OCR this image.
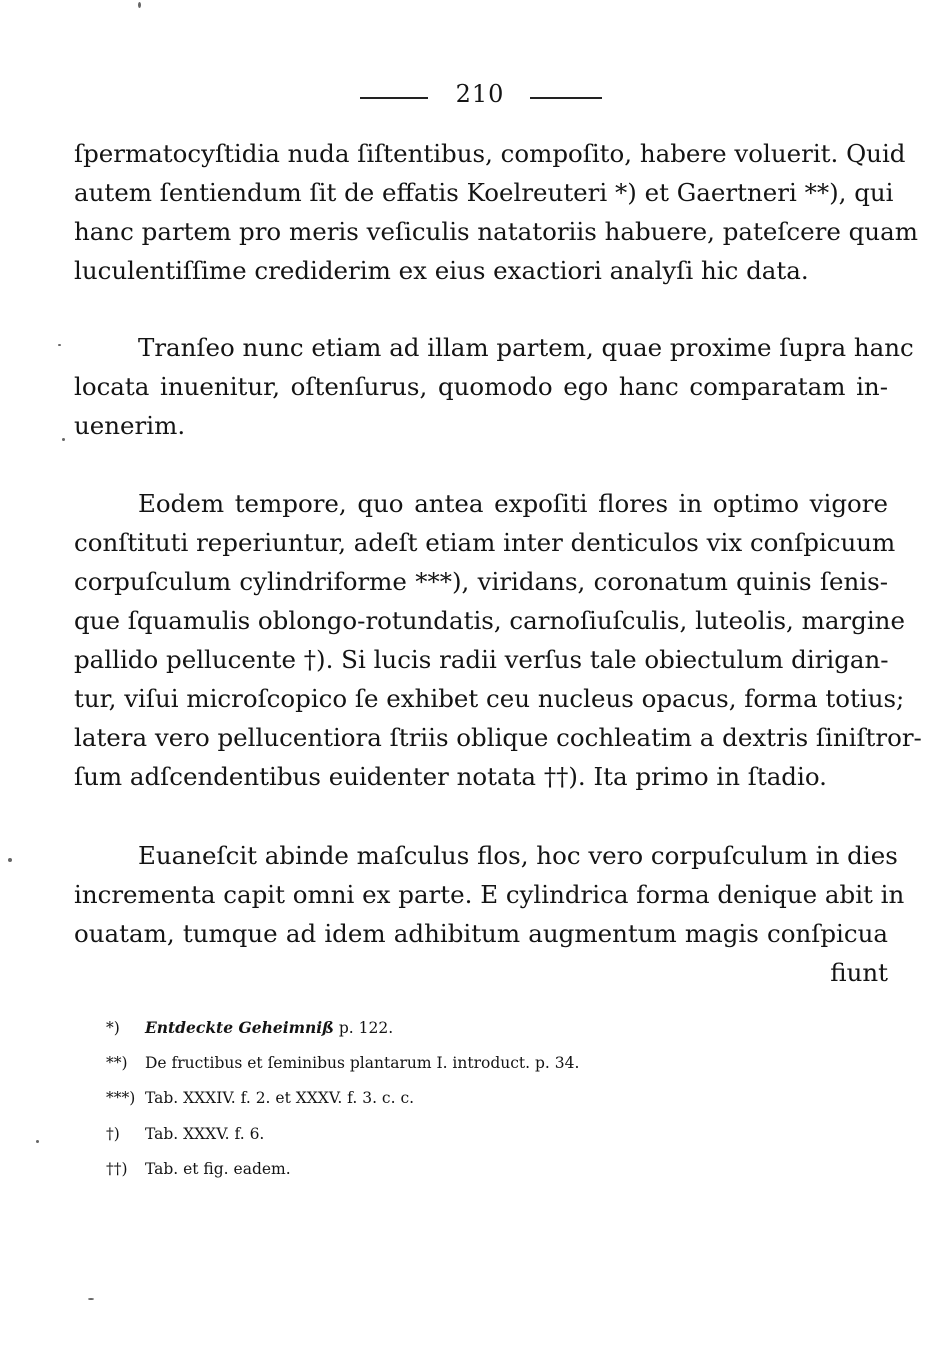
210
ſpermatocyſtidia nuda ſiſtentibus, compoſito, habere voluerit. Quid
autem ſentiendum ſit de effatis Koelreuteri *) et Gaertneri **), qui
hanc partem pro meris veſiculis natatoriis habuere, pateſcere quam
luculentiſſime crediderim ex eius exactiori analyſi hic data.
Tranſeo nunc etiam ad illam partem, quae proxime ſupra hanc
locata inuenitur, oſtenſurus, quomodo ego hanc comparatam in-
uenerim.
Eodem tempore, quo antea expoſiti flores in optimo vigore
conſtituti reperiuntur, adeſt etiam inter denticulos vix conſpicuum
corpuſculum cylindriforme ***), viridans, coronatum quinis ſenis-
que ſquamulis oblongo-rotundatis, carnoſiuſculis, luteolis, margine
pallido pellucente †). Si lucis radii verſus tale obiectulum dirigan-
tur, viſui microſcopico ſe exhibet ceu nucleus opacus, forma totius;
latera vero pellucentiora ſtriis oblique cochleatim a dextris ſiniſtror-
ſum adſcendentibus euidenter notata ††). Ita primo in ſtadio.
Euaneſcit abinde maſculus flos, hoc vero corpuſculum in dies
incrementa capit omni ex parte. E cylindrica forma denique abit in
ouatam, tumque ad idem adhibitum augmentum magis conſpicua
fiunt
*) Entdeckte Geheimniß p. 122.
**) De fructibus et ſeminibus plantarum I. introduct. p. 34.
***) Tab. XXXIV. f. 2. et XXXV. f. 3. c. c.
†) Tab. XXXV. f. 6.
††) Tab. et fig. eadem.
